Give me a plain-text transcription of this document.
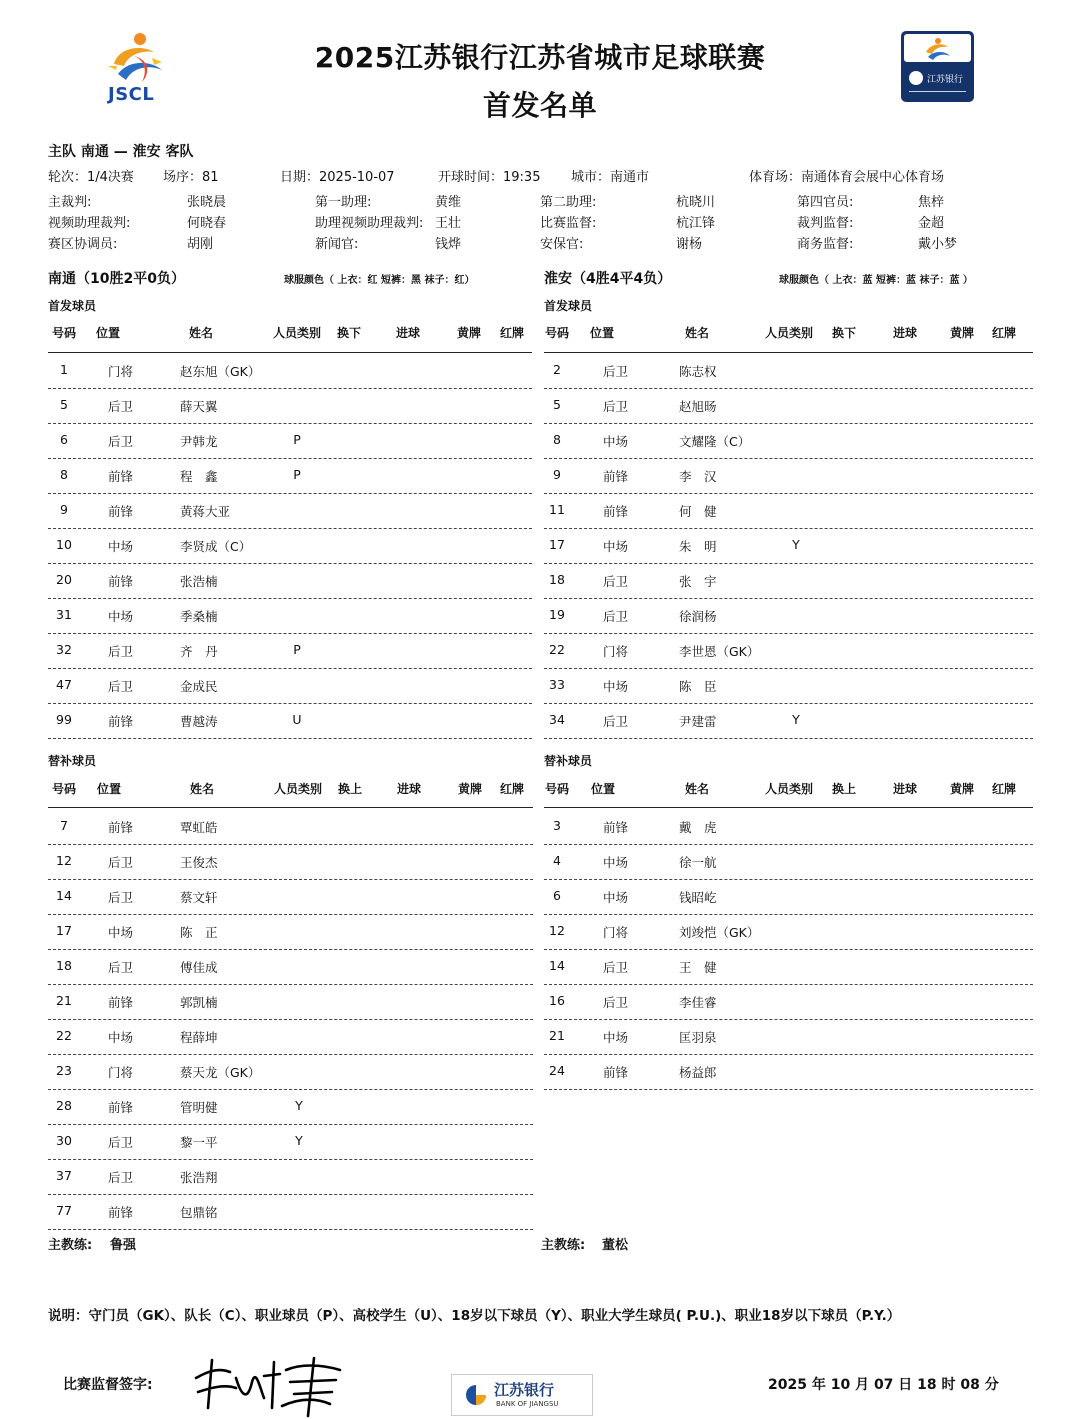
JSCL
2025江苏银行江苏省城市足球联赛
首发名单
江苏银行
主队 南通 — 淮安 客队
轮次：1/4决赛 场序：81	日期：2025-10-07	开球时间：19:35 城市：南通市	体育场：南通体育会展中心体育场
主裁判:	张晓晨	第一助理:	黄维	第二助理:	杭晓川	第四官员:	焦梓
视频助理裁判:	何晓春	助理视频助理裁判: 王壮	比赛监督:	杭江锋	裁判监督:	金超
赛区协调员:	胡刚	新闻官:	钱烨	安保官:	谢杨	商务监督:	戴小梦
南通（10胜2平0负）	球服颜色（ 上衣：红 短裤：黑 袜子：红）	淮安（4胜4平4负）	球服颜色（ 上衣：蓝 短裤：蓝 袜子：蓝 ）
首发球员	首发球员
替补球员	替补球员
号码 位置	姓名	人员类别 换下	进球	黄牌 红牌
1	门将	赵东旭（GK）
5	后卫	薛天翼
6	后卫	尹韩龙	P
8	前锋	程　鑫	P
9	前锋	黄蒋大亚
10	中场	李贤成（C）
20	前锋	张浩楠
31	中场	季桑楠
32	后卫	齐　丹	P
47	后卫	金成民
99	前锋	曹越涛	U
号码 位置	姓名	人员类别 换下	进球	黄牌 红牌
2	后卫	陈志权
5	后卫	赵旭旸
8	中场	文耀隆（C）
9	前锋	李　汉
11	前锋	何　健
17	中场	朱　明	Y
18	后卫	张　宇
19	后卫	徐润杨
22	门将	李世恩（GK）
33	中场	陈　臣
34	后卫	尹建雷	Y
号码 位置	姓名	人员类别 换上	进球	黄牌 红牌
7	前锋	覃虹皓
12	后卫	王俊杰
14	后卫	蔡文轩
17	中场	陈　正
18	后卫	傅佳成
21	前锋	郭凯楠
22	中场	程薛坤
23	门将	蔡天龙（GK）
28	前锋	管明健	Y
30	后卫	黎一平	Y
37	后卫	张浩翔
77	前锋	包鼎铭
号码 位置	姓名	人员类别 换上	进球	黄牌 红牌
3	前锋	戴　虎
4	中场	徐一航
6	中场	钱昭屹
12	门将	刘竣恺（GK）
14	后卫	王　健
16	后卫	李佳睿
21	中场	匡羽泉
24	前锋	杨益郎
主教练: 鲁强	主教练: 董松
说明：守门员（GK）、队长（C）、职业球员（P）、高校学生（U）、18岁以下球员（Y）、职业大学生球员( P.U.)、职业18岁以下球员（P.Y.）
比赛监督签字:	江苏银行
BANK OF JIANGSU
2025 年 10 月 07 日 18 时 08 分
